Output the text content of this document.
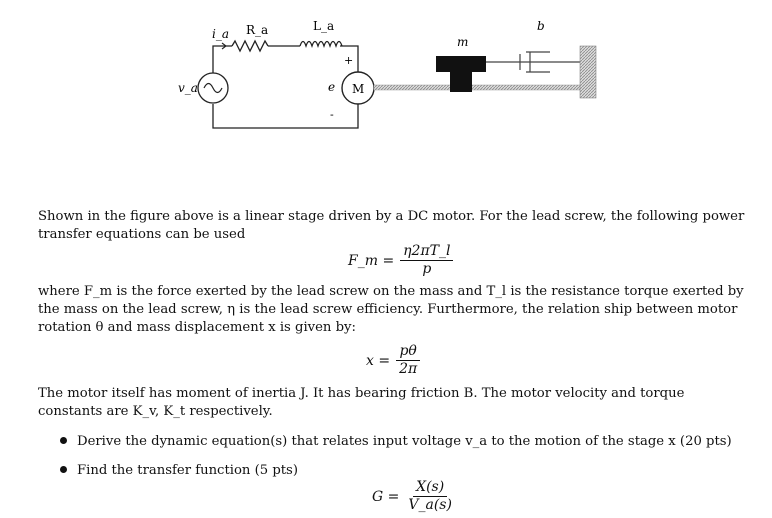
i_a R_a	L_a
v_a	e
+
-
M
m
b

Shown in the figure above is a linear stage driven by a DC motor. For the lead screw, the following power transfer equations can be used

F_m = $\frac{\eta 2\pi T\_l}{p}$

where F_m is the force exerted by the lead screw on the mass and T_l is the resistance torque exerted by the mass on the lead screw, η is the lead screw efficiency. Furthermore, the relation ship between motor rotation θ and mass displacement x is given by:

$x = \frac{p\theta}{2\pi}$

The motor itself has moment of inertia J. It has bearing friction B. The motor velocity and torque constants are K_v, K_t respectively.

Derive the dynamic equation(s) that relates input voltage v_a to the motion of the stage x (20 pts)
Find the transfer function (5 pts)
$G = \frac{X(s)}{V\_a(s)}$
